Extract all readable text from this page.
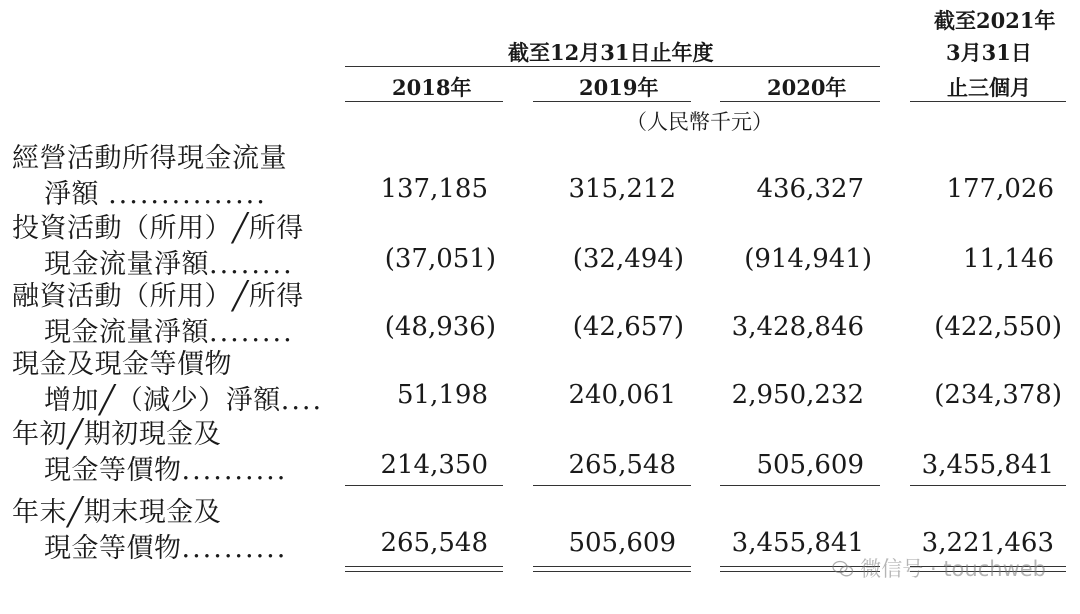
截至2021年
3月31日
截至12月31日止年度
2018年	2019年	2020年	止三個月
（人民幣千元）
經營活動所得現金流量
淨額 ...............	137,185	315,212	436,327	177,026
投資活動（所用）╱所得
現金流量淨額........	(37,051)	(32,494) (914,941)	11,146
融資活動（所用）╱所得
現金流量淨額........	(48,936)	(42,657) 3,428,846	(422,550)
現金及現金等價物
增加╱（減少）淨額....	51,198	240,061 2,950,232	(234,378)
年初╱期初現金及
現金等價物..........	214,350	265,548	505,609 3,455,841
年末╱期末現金及
現金等價物..........	265,548	505,609 3,455,841 3,221,463
微信号 · touchweb
